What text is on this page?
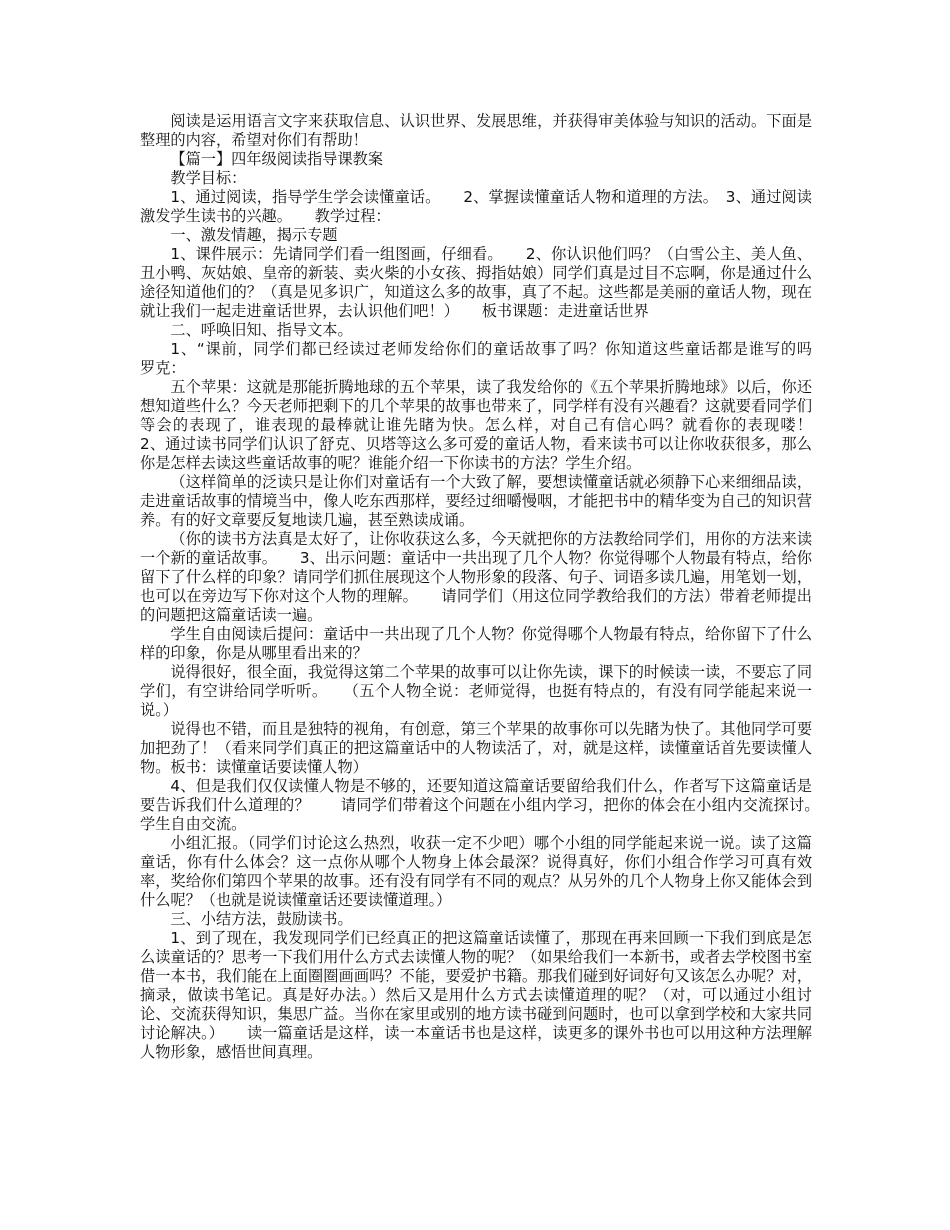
阅读是运用语言文字来获取信息、认识世界、发展思维，并获得审美体验与知识的活动。下面是整理的内容，希望对你们有帮助！

【篇一】四年级阅读指导课教案

教学目标：

1、通过阅读，指导学生学会读懂童话。　　2、掌握读懂童话人物和道理的方法。　3、通过阅读激发学生读书的兴趣。　　教学过程：

一、激发情趣，揭示专题

1、课件展示：先请同学们看一组图画，仔细看。　　2、你认识他们吗？（白雪公主、美人鱼、丑小鸭、灰姑娘、皇帝的新装、卖火柴的小女孩、拇指姑娘）同学们真是过目不忘啊，你是通过什么途径知道他们的？（真是见多识广，知道这么多的故事，真了不起。这些都是美丽的童话人物，现在就让我们一起走进童话世界，去认识他们吧！）　　板书课题：走进童话世界

二、呼唤旧知、指导文本。

1、“课前，同学们都已经读过老师发给你们的童话故事了吗？你知道这些童话都是谁写的吗　　罗克：

五个苹果：这就是那能折腾地球的五个苹果，读了我发给你的《五个苹果折腾地球》以后，你还想知道些什么？今天老师把剩下的几个苹果的故事也带来了，同学样有没有兴趣看？这就要看同学们等会的表现了，谁表现的最棒就让谁先睹为快。怎么样，对自己有信心吗？就看你的表现喽！　　2、通过读书同学们认识了舒克、贝塔等这么多可爱的童话人物，看来读书可以让你收获很多，那么你是怎样去读这些童话故事的呢？谁能介绍一下你读书的方法？学生介绍。

（这样简单的泛读只是让你们对童话有一个大致了解，要想读懂童话就必须静下心来细细品读，走进童话故事的情境当中，像人吃东西那样，要经过细嚼慢咽，才能把书中的精华变为自己的知识营养。有的好文章要反复地读几遍，甚至熟读成诵。

（你的读书方法真是太好了，让你收获这么多，今天就把你的方法教给同学们，用你的方法来读一个新的童话故事。　　3、出示问题：童话中一共出现了几个人物？你觉得哪个人物最有特点，给你留下了什么样的印象？请同学们抓住展现这个人物形象的段落、句子、词语多读几遍，用笔划一划，也可以在旁边写下你对这个人物的理解。　　请同学们（用这位同学教给我们的方法）带着老师提出的问题把这篇童话读一遍。

学生自由阅读后提问：童话中一共出现了几个人物？你觉得哪个人物最有特点，给你留下了什么样的印象，你是从哪里看出来的？

说得很好，很全面，我觉得这第二个苹果的故事可以让你先读，课下的时候读一读，不要忘了同学们，有空讲给同学听听。　　（五个人物全说：老师觉得，也挺有特点的，有没有同学能起来说一说。）

说得也不错，而且是独特的视角，有创意，第三个苹果的故事你可以先睹为快了。其他同学可要加把劲了！（看来同学们真正的把这篇童话中的人物读活了，对，就是这样，读懂童话首先要读懂人物。板书：读懂童话要读懂人物）

4、但是我们仅仅读懂人物是不够的，还要知道这篇童话要留给我们什么，作者写下这篇童话是要告诉我们什么道理的？　　请同学们带着这个问题在小组内学习，把你的体会在小组内交流探讨。　　学生自由交流。

小组汇报。（同学们讨论这么热烈，收获一定不少吧）哪个小组的同学能起来说一说。读了这篇童话，你有什么体会？这一点你从哪个人物身上体会最深？说得真好，你们小组合作学习可真有效率，奖给你们第四个苹果的故事。还有没有同学有不同的观点？从另外的几个人物身上你又能体会到什么呢？（也就是说读懂童话还要读懂道理。）

三、小结方法，鼓励读书。

1、到了现在，我发现同学们已经真正的把这篇童话读懂了，那现在再来回顾一下我们到底是怎么读童话的？思考一下我们用什么方式去读懂人物的呢？（如果给我们一本新书，或者去学校图书室借一本书，我们能在上面圈圈画画吗？不能，要爱护书籍。那我们碰到好词好句又该怎么办呢？对，摘录，做读书笔记。真是好办法。）然后又是用什么方式去读懂道理的呢？（对，可以通过小组讨论、交流获得知识，集思广益。当你在家里或别的地方读书碰到问题时，也可以拿到学校和大家共同讨论解决。）　　读一篇童话是这样，读一本童话书也是这样，读更多的课外书也可以用这种方法理解人物形象，感悟世间真理。
